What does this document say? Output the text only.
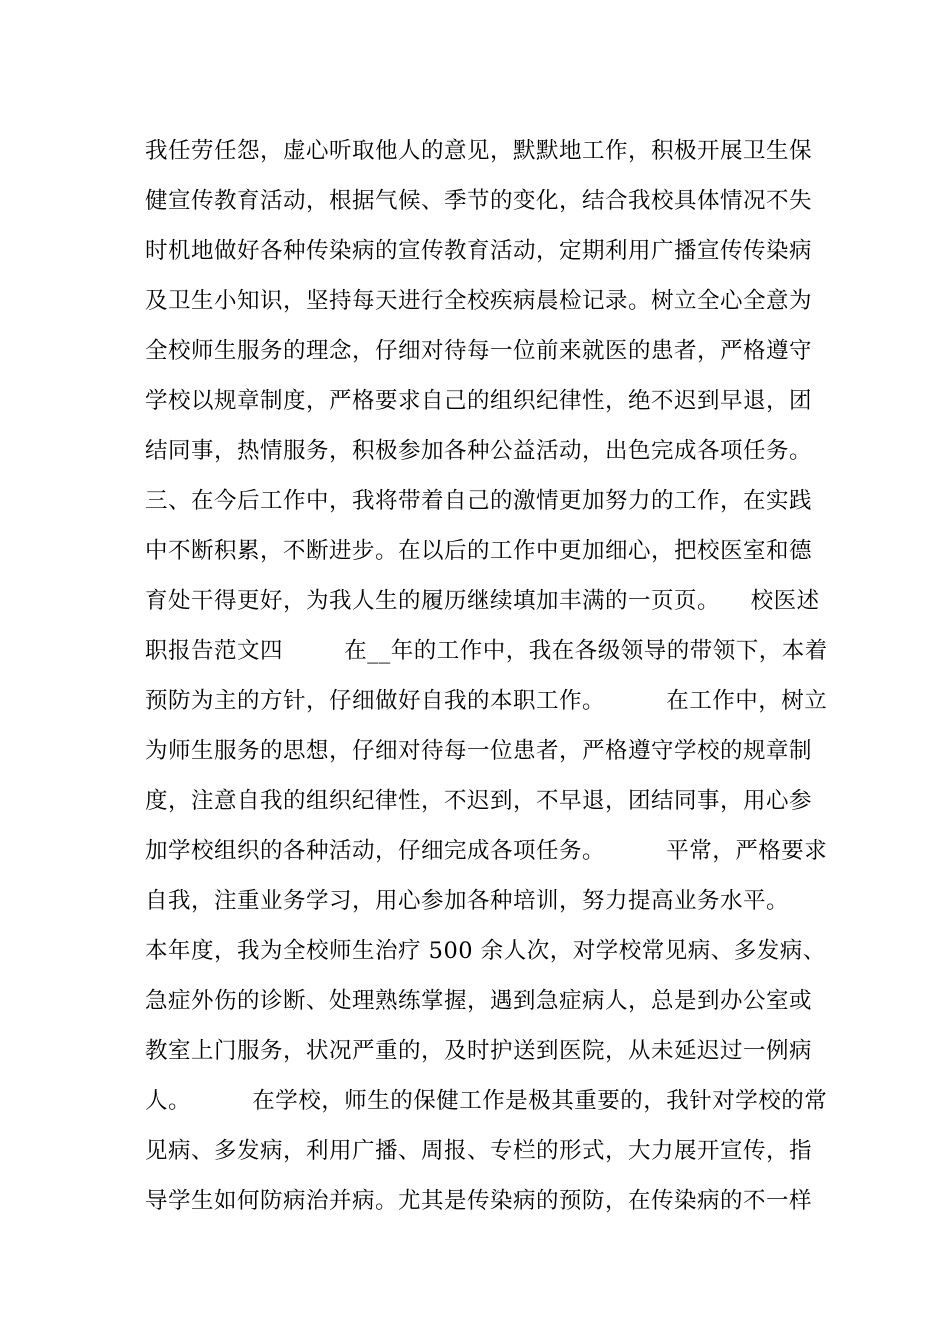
我任劳任怨，虚心听取他人的意见，默默地工作，积极开展卫生保
健宣传教育活动，根据气候、季节的变化，结合我校具体情况不失
时机地做好各种传染病的宣传教育活动，定期利用广播宣传传染病
及卫生小知识，坚持每天进行全校疾病晨检记录。树立全心全意为
全校师生服务的理念，仔细对待每一位前来就医的患者，严格遵守
学校以规章制度，严格要求自己的组织纪律性，绝不迟到早退，团
结同事，热情服务，积极参加各种公益活动，出色完成各项任务。
三、在今后工作中，我将带着自己的激情更加努力的工作，在实践
中不断积累，不断进步。在以后的工作中更加细心，把校医室和德
育处干得更好，为我人生的履历继续填加丰满的一页页。    校医述
职报告范文四        在__年的工作中，我在各级领导的带领下，本着
预防为主的方针，仔细做好自我的本职工作。        在工作中，树立
为师生服务的思想，仔细对待每一位患者，严格遵守学校的规章制
度，注意自我的组织纪律性，不迟到，不早退，团结同事，用心参
加学校组织的各种活动，仔细完成各项任务。        平常，严格要求
自我，注重业务学习，用心参加各种培训，努力提高业务水平。
本年度，我为全校师生治疗 500 余人次，对学校常见病、多发病、
急症外伤的诊断、处理熟练掌握，遇到急症病人，总是到办公室或
教室上门服务，状况严重的，及时护送到医院，从未延迟过一例病
人。        在学校，师生的保健工作是极其重要的，我针对学校的常
见病、多发病，利用广播、周报、专栏的形式，大力展开宣传，指
导学生如何防病治并病。尤其是传染病的预防，在传染病的不一样
